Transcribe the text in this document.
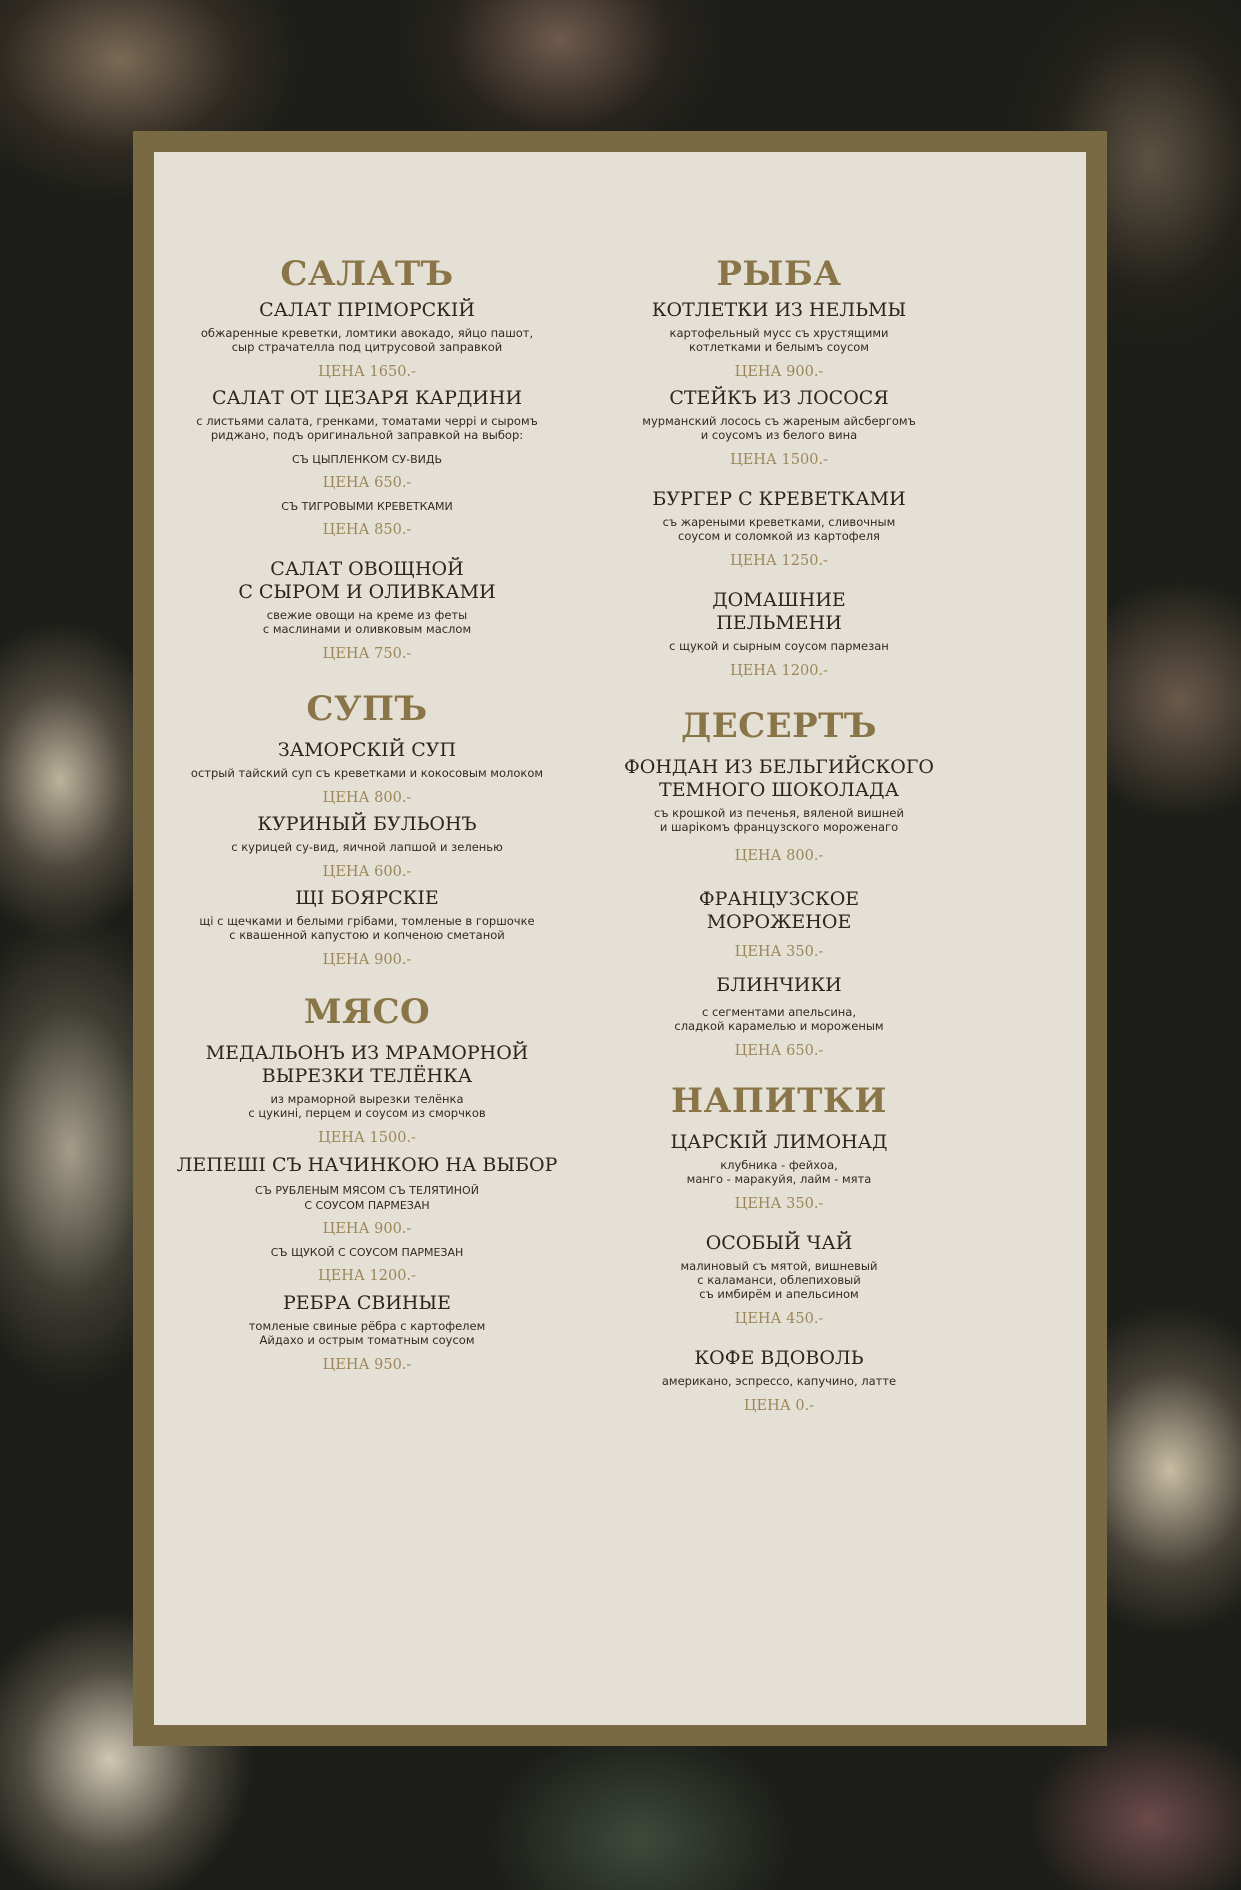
САЛАТЪ

САЛАТ ПРІМОРСКІЙ

обжаренные креветки, ломтики авокадо, яйцо пашот,
сыр страчателла под цитрусовой заправкой

ЦЕНА 1650.-

САЛАТ ОТ ЦЕЗАРЯ КАРДИНИ

с листьями салата, гренками, томатами черрі и сыромъ
риджано, подъ оригинальной заправкой на выбор:

СЪ ЦЫПЛЕНКОМ СУ-ВИДЬ

ЦЕНА 650.-

СЪ ТИГРОВЫМИ КРЕВЕТКАМИ

ЦЕНА 850.-

САЛАТ ОВОЩНОЙ
С СЫРОМ И ОЛИВКАМИ

свежие овощи на креме из феты
с маслинами и оливковым маслом

ЦЕНА 750.-

СУПЪ

ЗАМОРСКІЙ СУП

острый тайский суп съ креветками и кокосовым молоком

ЦЕНА 800.-

КУРИНЫЙ БУЛЬОНЪ

с курицей су-вид, яичной лапшой и зеленью

ЦЕНА 600.-

ЩІ БОЯРСКІЕ

щі с щечками и белыми грібами, томленые в горшочке
с квашенной капустою и копченою сметаной

ЦЕНА 900.-

МЯСО

МЕДАЛЬОНЪ ИЗ МРАМОРНОЙ
ВЫРЕЗКИ ТЕЛЁНКА

из мраморной вырезки телёнка
с цукині, перцем и соусом из сморчков

ЦЕНА 1500.-

ЛЕПЕШІ СЪ НАЧИНКОЮ НА ВЫБОР

СЪ РУБЛЕНЫМ МЯСОМ СЪ ТЕЛЯТИНОЙ
С СОУСОМ ПАРМЕЗАН

ЦЕНА 900.-

СЪ ЩУКОЙ С СОУСОМ ПАРМЕЗАН

ЦЕНА 1200.-

РЕБРА СВИНЫЕ

томленые свиные рёбра с картофелем
Айдахо и острым томатным соусом

ЦЕНА 950.-

РЫБА

КОТЛЕТКИ ИЗ НЕЛЬМЫ

картофельный мусс съ хрустящими
котлетками и белымъ соусом

ЦЕНА 900.-

СТЕЙКЪ ИЗ ЛОСОСЯ

мурманский лосось съ жареным айсбергомъ
и соусомъ из белого вина

ЦЕНА 1500.-

БУРГЕР С КРЕВЕТКАМИ

съ жареными креветками, сливочным
соусом и соломкой из картофеля

ЦЕНА 1250.-

ДОМАШНИЕ
ПЕЛЬМЕНИ

с щукой и сырным соусом пармезан

ЦЕНА 1200.-

ДЕСЕРТЪ

ФОНДАН ИЗ БЕЛЬГИЙСКОГО
ТЕМНОГО ШОКОЛАДА

съ крошкой из печенья, вяленой вишней
и шарікомъ французского мороженаго

ЦЕНА 800.-

ФРАНЦУЗСКОЕ
МОРОЖЕНОЕ

ЦЕНА 350.-

БЛИНЧИКИ

с сегментами апельсина,
сладкой карамелью и мороженым

ЦЕНА 650.-

НАПИТКИ

ЦАРСКІЙ ЛИМОНАД

клубника - фейхоа,
манго - маракуйя, лайм - мята

ЦЕНА 350.-

ОСОБЫЙ ЧАЙ

малиновый съ мятой, вишневый
с каламанси, облепиховый
съ имбирём и апельсином

ЦЕНА 450.-

КОФЕ ВДОВОЛЬ

американо, эспрессо, капучино, латте

ЦЕНА 0.-
